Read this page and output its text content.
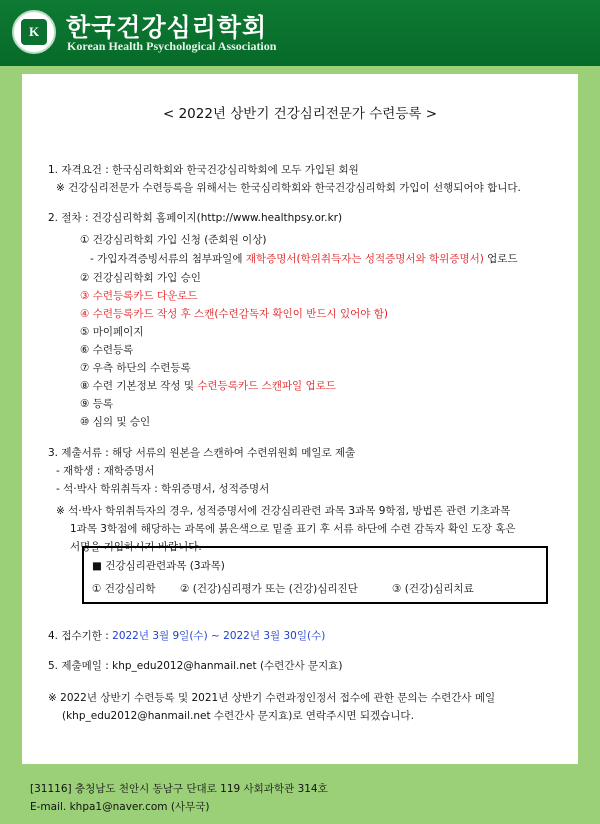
K	한국건강심리학회
Korean Health Psychological Association
< 2022년 상반기 건강심리전문가 수련등록 >
1. 자격요건 : 한국심리학회와 한국건강심리학회에 모두 가입된 회원
※ 건강심리전문가 수련등록을 위해서는 한국심리학회와 한국건강심리학회 가입이 선행되어야 합니다.
2. 절차 : 건강심리학회 홈페이지(http://www.healthpsy.or.kr)
① 건강심리학회 가입 신청 (준회원 이상)
- 가입자격증빙서류의 첨부파일에 재학증명서(학위취득자는 성적증명서와 학위증명서) 업로드
② 건강심리학회 가입 승인
③ 수련등록카드 다운로드
④ 수련등록카드 작성 후 스캔(수련감독자 확인이 반드시 있어야 함)
⑤ 마이페이지
⑥ 수련등록
⑦ 우측 하단의 수련등록
⑧ 수련 기본정보 작성 및 수련등록카드 스캔파일 업로드
⑨ 등록
⑩ 심의 및 승인
3. 제출서류 : 해당 서류의 원본을 스캔하여 수련위원회 메일로 제출
- 재학생 : 재학증명서
- 석·박사 학위취득자 : 학위증명서, 성적증명서
※ 석·박사 학위취득자의 경우, 성적증명서에 건강심리관련 과목 3과목 9학점, 방법론 관련 기초과목
1과목 3학점에 해당하는 과목에 붉은색으로 밑줄 표기 후 서류 하단에 수련 감독자 확인 도장 혹은
서명을 기입하시기 바랍니다.
■ 건강심리관련과목 (3과목)
① 건강심리학 ② (건강)심리평가 또는 (건강)심리진단	③ (건강)심리치료
4. 접수기한 : 2022년 3월 9일(수) ~ 2022년 3월 30일(수)
5. 제출메일 : khp_edu2012@hanmail.net (수련간사 문지효)
※ 2022년 상반기 수련등록 및 2021년 상반기 수련과정인정서 접수에 관한 문의는 수련간사 메일
(khp_edu2012@hanmail.net 수련간사 문지효)로 연락주시면 되겠습니다.
[31116] 충청남도 천안시 동남구 단대로 119 사회과학관 314호
E-mail. khpa1@naver.com (사무국)
